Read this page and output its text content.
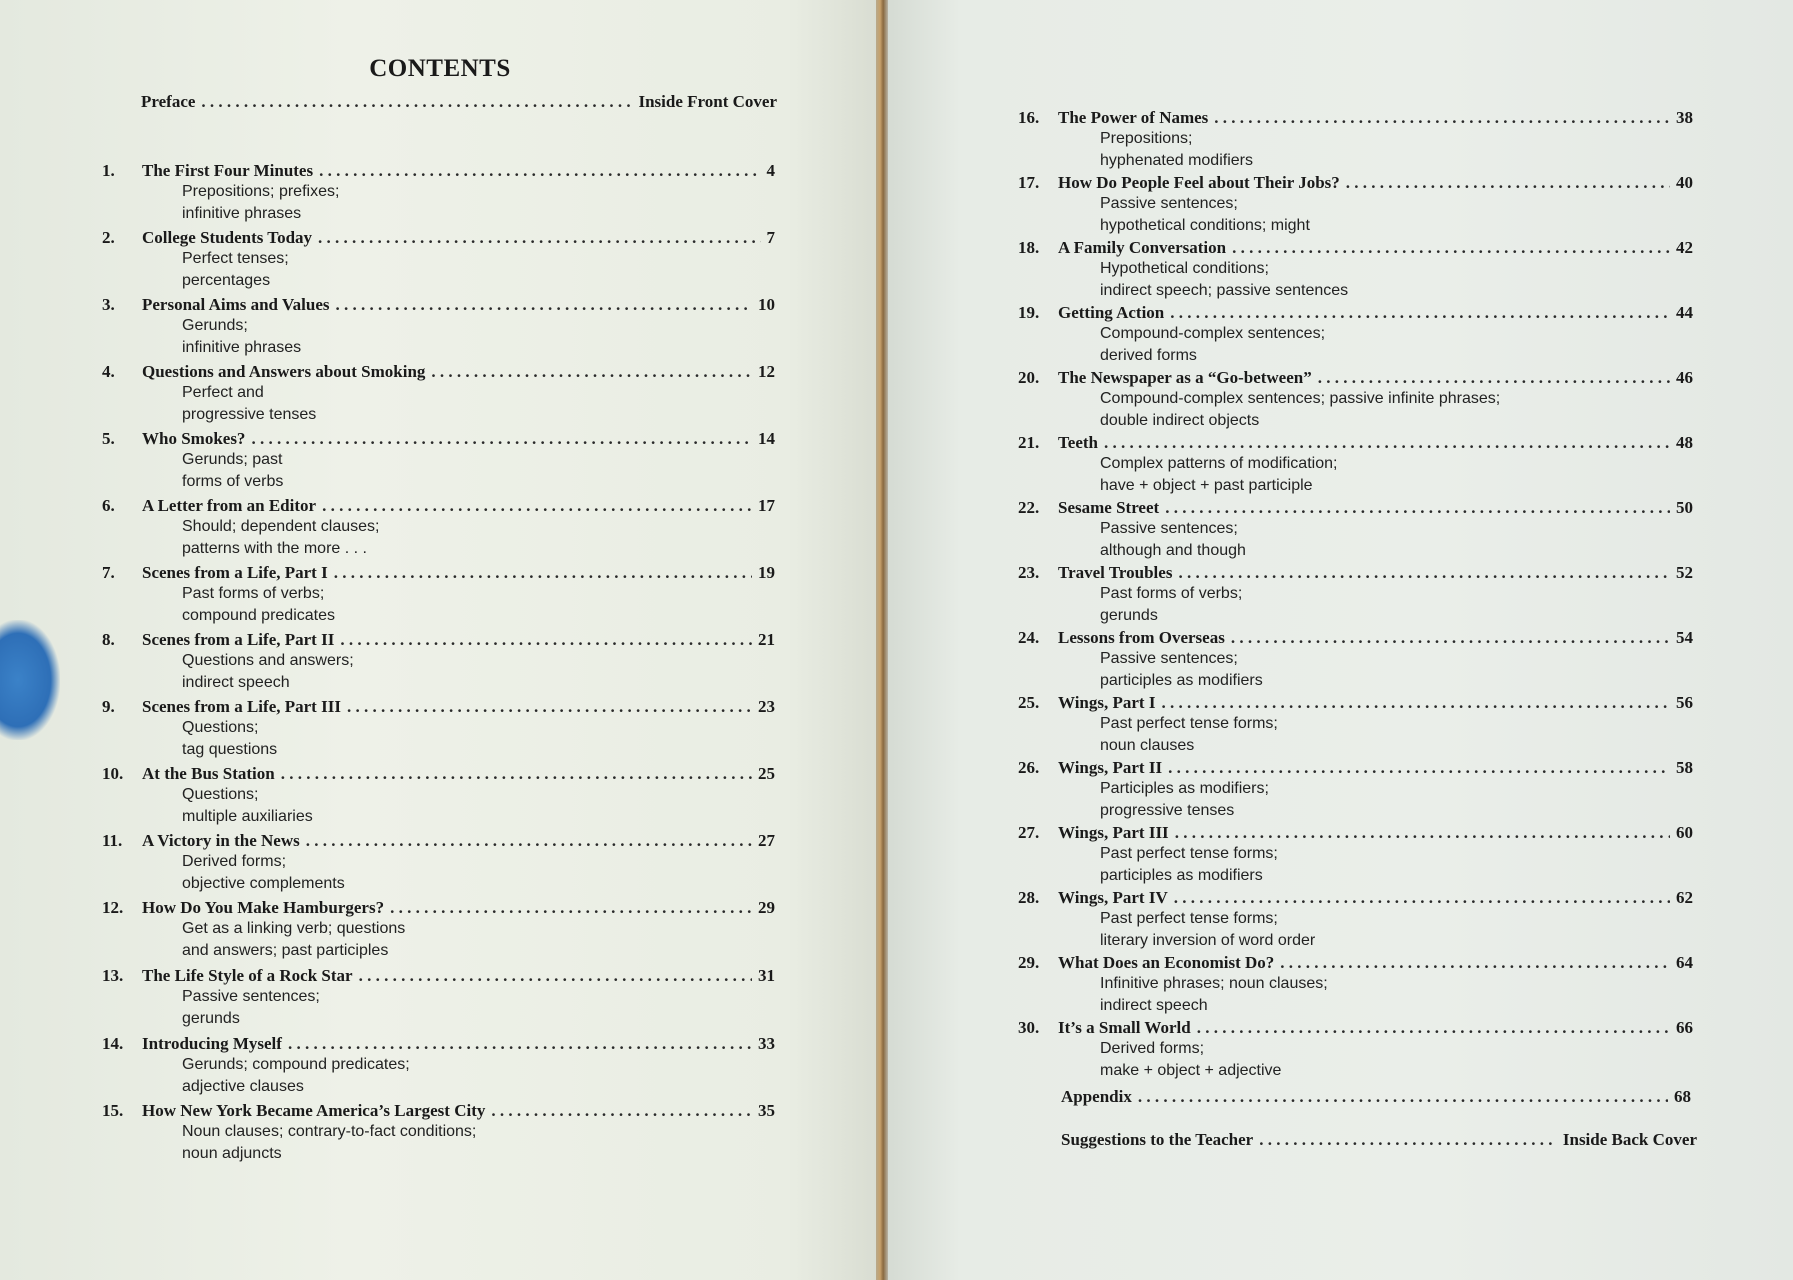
CONTENTS
Preface . . .	Inside Front Cover
1.	The First Four Minutes . . .	4
Prepositions; prefixes;
infinitive phrases
2.	College Students Today . . .	7
Perfect tenses;
percentages
3.	Personal Aims and Values . . .	10
Gerunds;
infinitive phrases
4.	Questions and Answers about Smoking . . .	12
Perfect and
progressive tenses
5.	Who Smokes? . . .	14
Gerunds; past
forms of verbs
6.	A Letter from an Editor . . .	17
Should; dependent clauses;
patterns with the more . . .
7.	Scenes from a Life, Part I . . .	19
Past forms of verbs;
compound predicates
8.	Scenes from a Life, Part II . . .	21
Questions and answers;
indirect speech
9.	Scenes from a Life, Part III . . .	23
Questions;
tag questions
10.	At the Bus Station . . .	25
Questions;
multiple auxiliaries
11.	A Victory in the News . . .	27
Derived forms;
objective complements
12.	How Do You Make Hamburgers? . . .	29
Get as a linking verb; questions
and answers; past participles
13.	The Life Style of a Rock Star . . .	31
Passive sentences;
gerunds
14.	Introducing Myself . . .	33
Gerunds; compound predicates;
adjective clauses
15.	How New York Became America’s Largest City . . .	35
Noun clauses; contrary-to-fact conditions;
noun adjuncts
16.	The Power of Names . . .	38
Prepositions;
hyphenated modifiers
17.	How Do People Feel about Their Jobs? . . .	40
Passive sentences;
hypothetical conditions; might
18.	A Family Conversation . . .	42
Hypothetical conditions;
indirect speech; passive sentences
19.	Getting Action . . .	44
Compound-complex sentences;
derived forms
20.	The Newspaper as a “Go-between” . . .	46
Compound-complex sentences; passive infinite phrases;
double indirect objects
21.	Teeth . . .	48
Complex patterns of modification;
have + object + past participle
22.	Sesame Street . . .	50
Passive sentences;
although and though
23.	Travel Troubles . . .	52
Past forms of verbs;
gerunds
24.	Lessons from Overseas . . .	54
Passive sentences;
participles as modifiers
25.	Wings, Part I . . .	56
Past perfect tense forms;
noun clauses
26.	Wings, Part II . . .	58
Participles as modifiers;
progressive tenses
27.	Wings, Part III . . .	60
Past perfect tense forms;
participles as modifiers
28.	Wings, Part IV . . .	62
Past perfect tense forms;
literary inversion of word order
29.	What Does an Economist Do? . . .	64
Infinitive phrases; noun clauses;
indirect speech
30.	It’s a Small World . . .	66
Derived forms;
make + object + adjective
Appendix . . .	68
Suggestions to the Teacher . . .	Inside Back Cover
